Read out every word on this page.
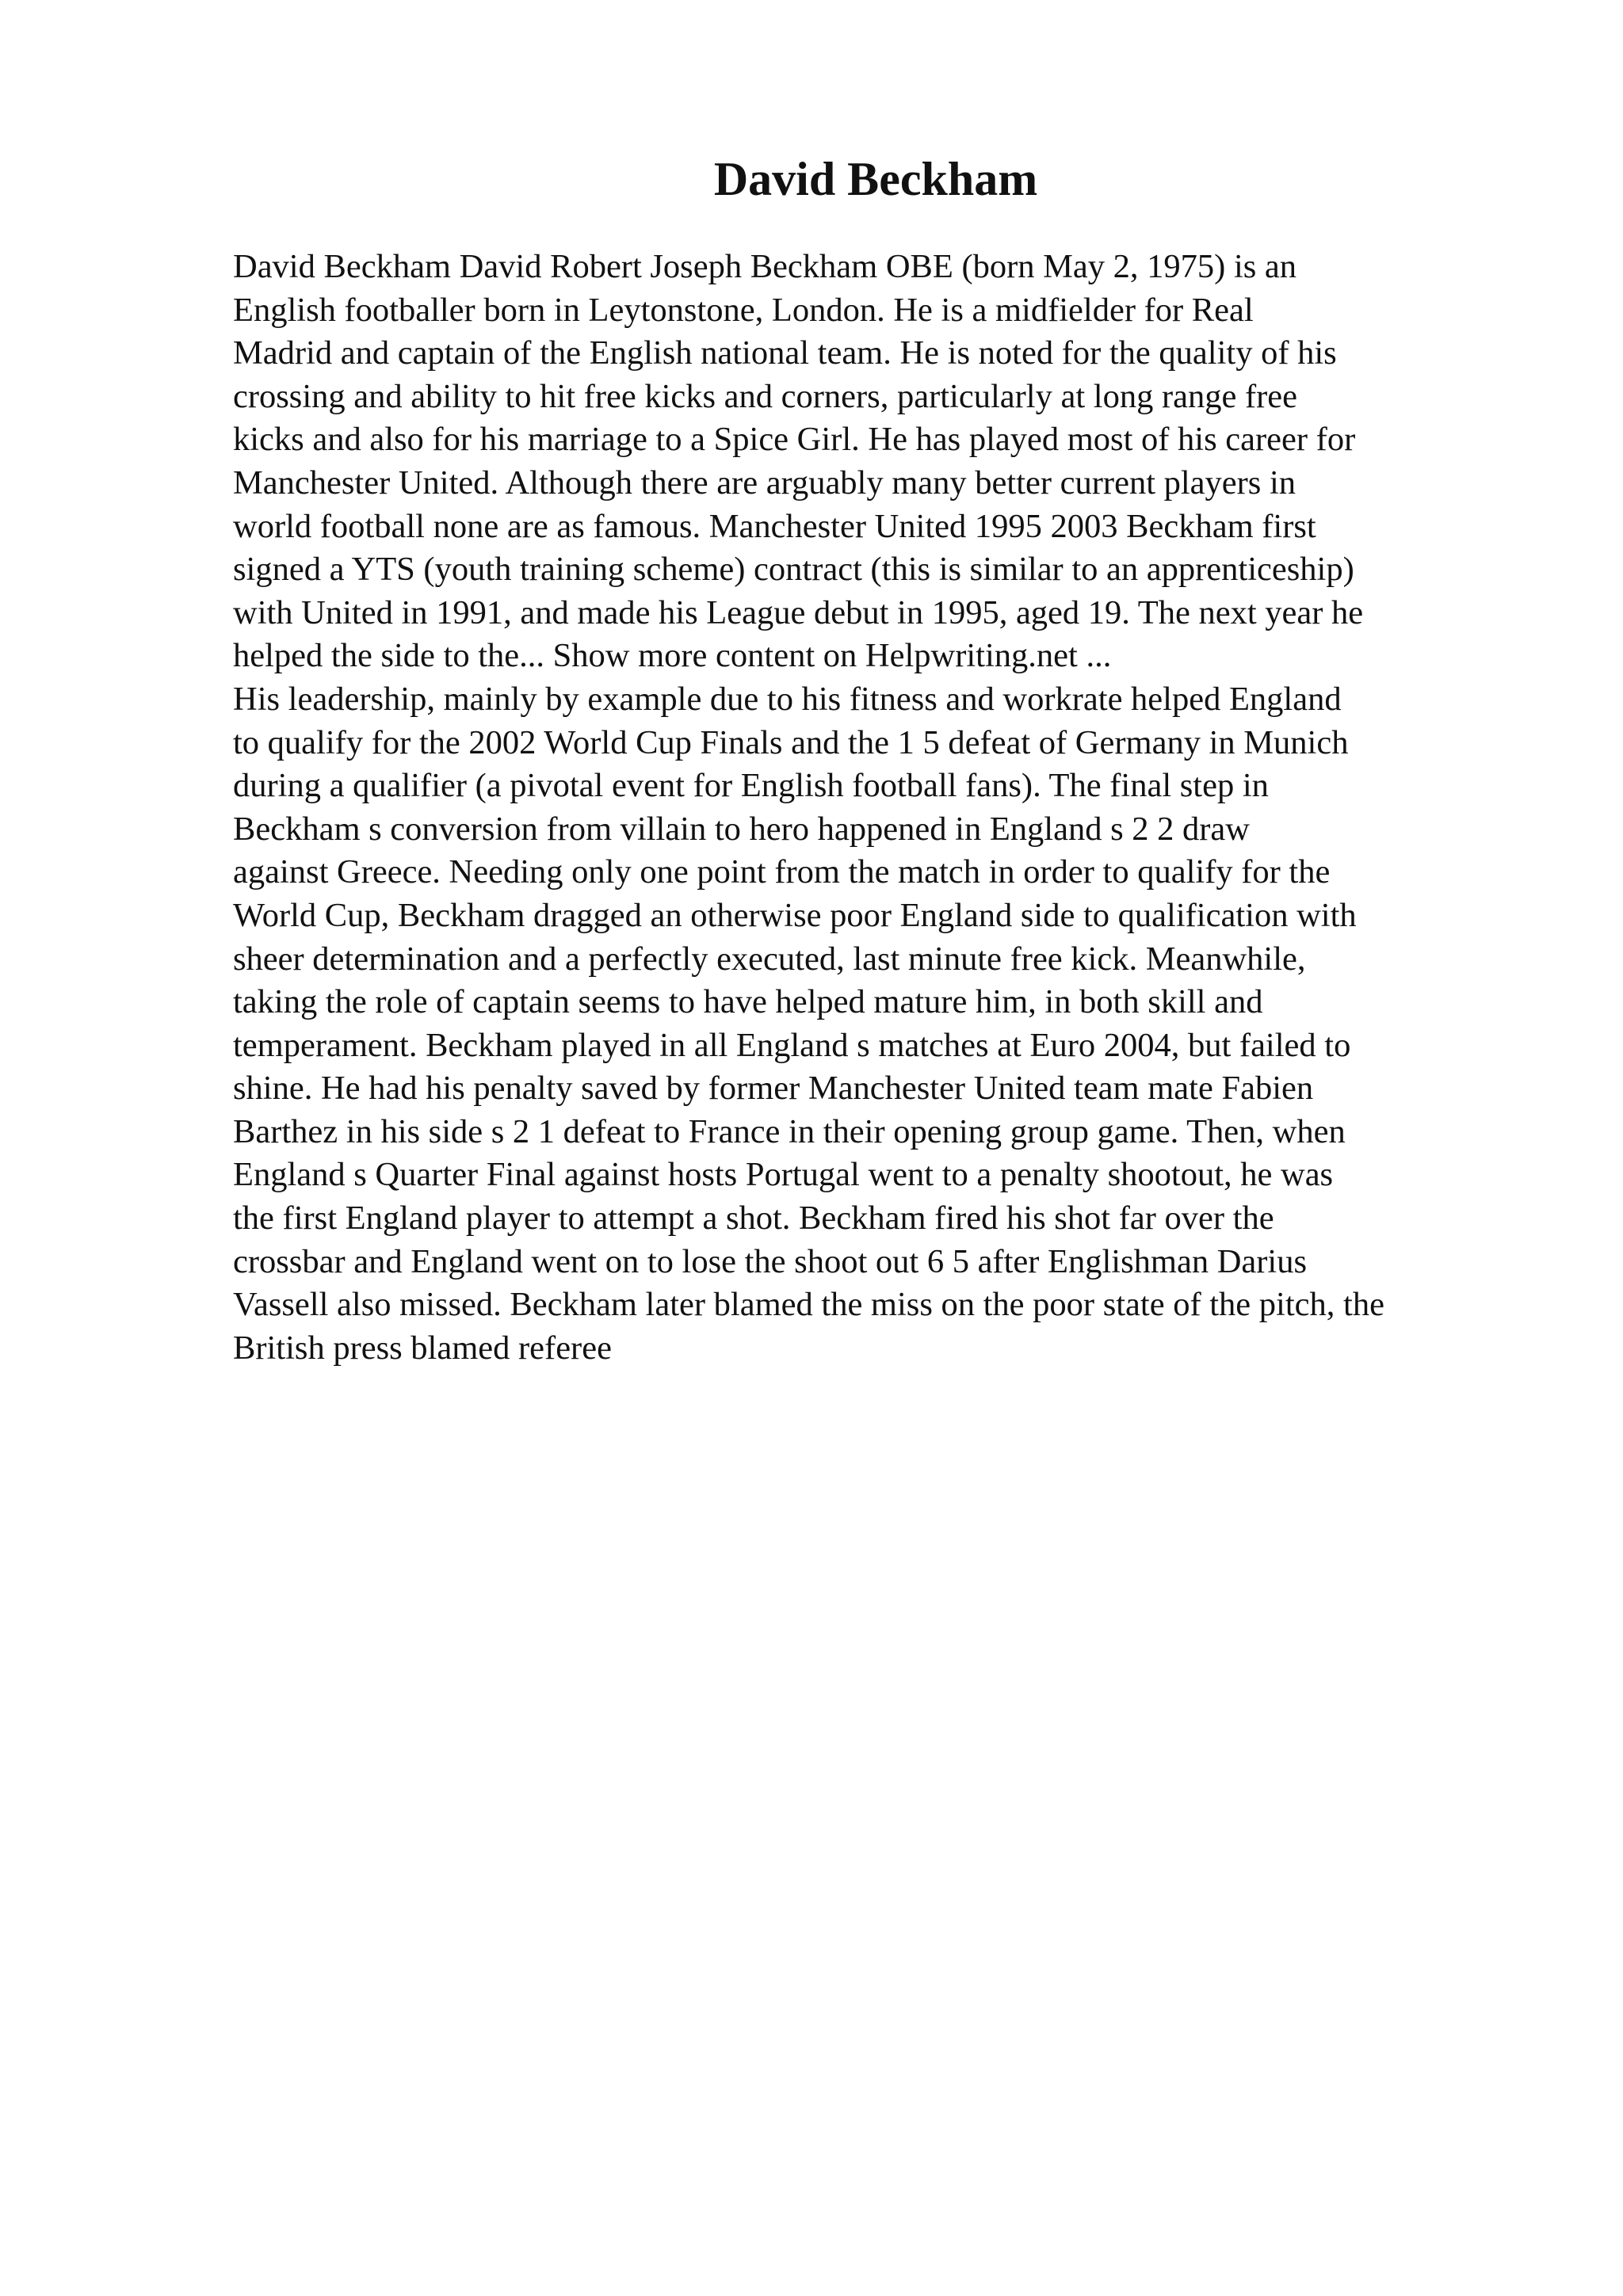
David Beckham
David Beckham David Robert Joseph Beckham OBE (born May 2, 1975) is an
English footballer born in Leytonstone, London. He is a midfielder for Real
Madrid and captain of the English national team. He is noted for the quality of his
crossing and ability to hit free kicks and corners, particularly at long range free
kicks and also for his marriage to a Spice Girl. He has played most of his career for
Manchester United. Although there are arguably many better current players in
world football none are as famous. Manchester United 1995 2003 Beckham first
signed a YTS (youth training scheme) contract (this is similar to an apprenticeship)
with United in 1991, and made his League debut in 1995, aged 19. The next year he
helped the side to the... Show more content on Helpwriting.net ...
His leadership, mainly by example due to his fitness and workrate helped England
to qualify for the 2002 World Cup Finals and the 1 5 defeat of Germany in Munich
during a qualifier (a pivotal event for English football fans). The final step in
Beckham s conversion from villain to hero happened in England s 2 2 draw
against Greece. Needing only one point from the match in order to qualify for the
World Cup, Beckham dragged an otherwise poor England side to qualification with
sheer determination and a perfectly executed, last minute free kick. Meanwhile,
taking the role of captain seems to have helped mature him, in both skill and
temperament. Beckham played in all England s matches at Euro 2004, but failed to
shine. He had his penalty saved by former Manchester United team mate Fabien
Barthez in his side s 2 1 defeat to France in their opening group game. Then, when
England s Quarter Final against hosts Portugal went to a penalty shootout, he was
the first England player to attempt a shot. Beckham fired his shot far over the
crossbar and England went on to lose the shoot out 6 5 after Englishman Darius
Vassell also missed. Beckham later blamed the miss on the poor state of the pitch, the
British press blamed referee
